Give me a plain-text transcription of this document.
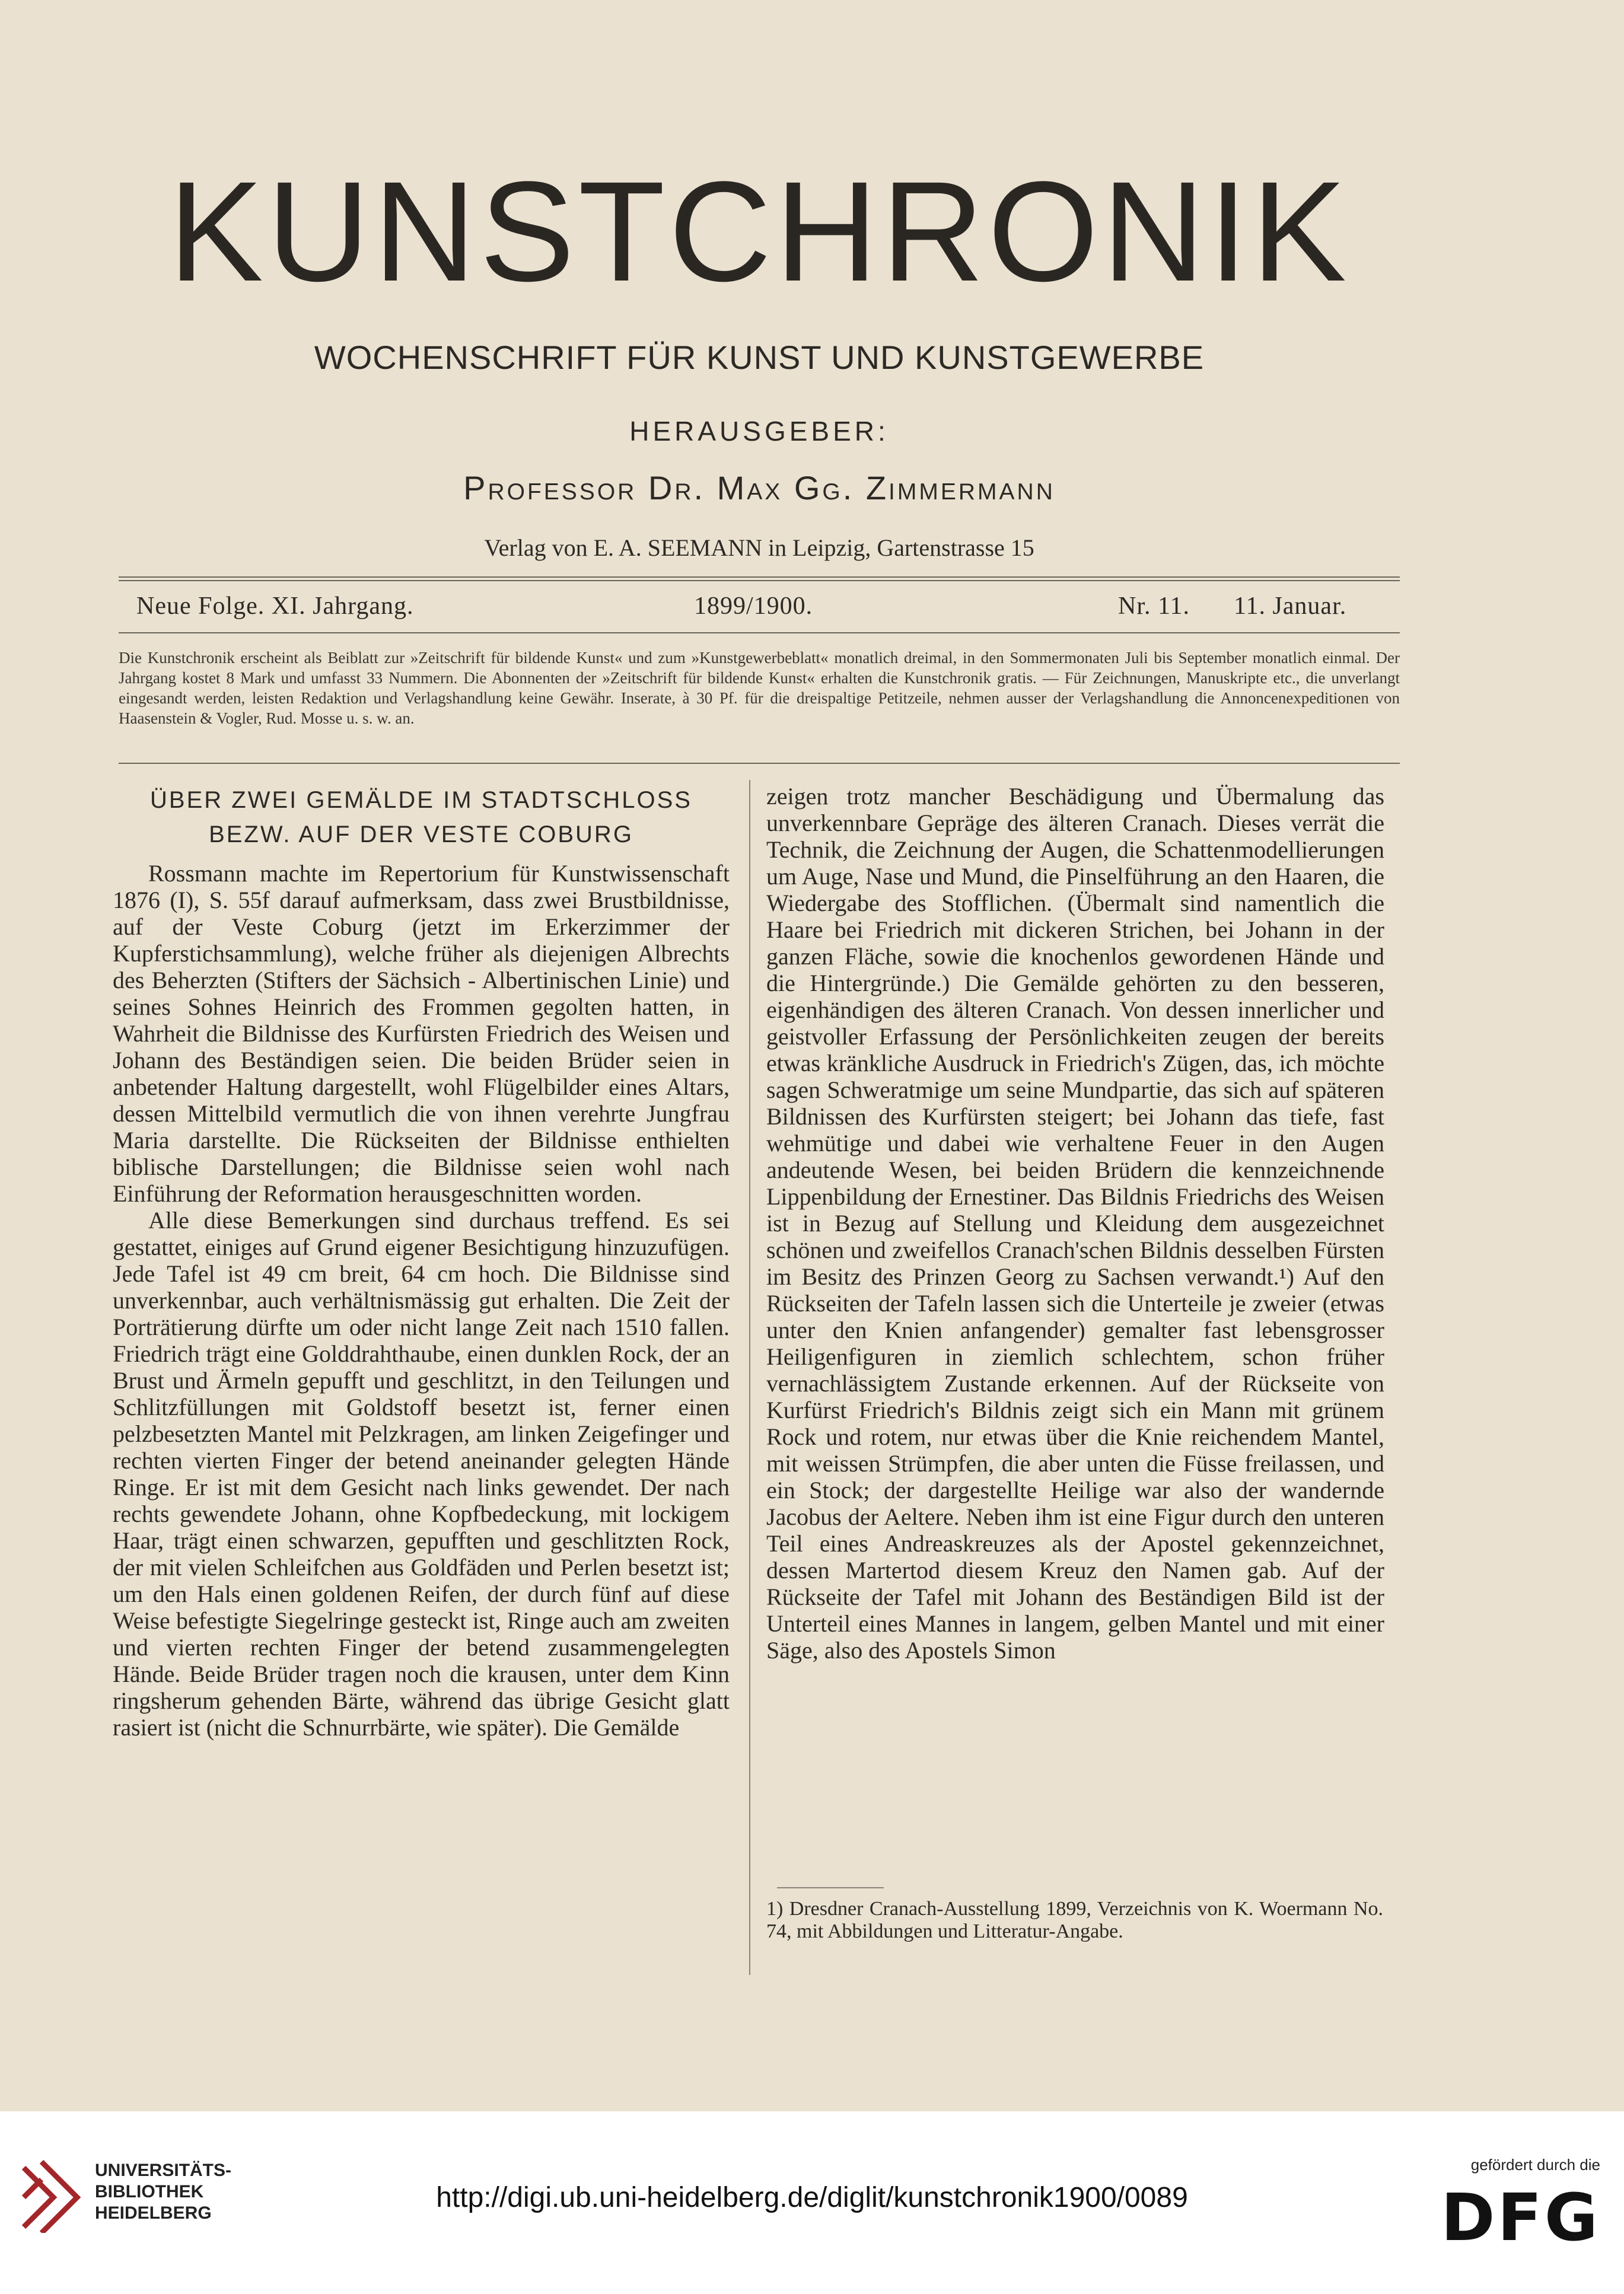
KUNSTCHRONIK
WOCHENSCHRIFT FÜR KUNST UND KUNSTGEWERBE
HERAUSGEBER:
Professor Dr. Max Gg. Zimmermann
Verlag von E. A. SEEMANN in Leipzig, Gartenstrasse 15
Neue Folge. XI. Jahrgang.	1899/1900.	Nr. 11. 11. Januar.
Die Kunstchronik erscheint als Beiblatt zur »Zeitschrift für bildende Kunst« und zum »Kunstgewerbeblatt« monatlich dreimal, in den Sommermonaten Juli bis September monatlich einmal. Der Jahrgang kostet 8 Mark und umfasst 33 Nummern. Die Abonnenten der »Zeitschrift für bildende Kunst« erhalten die Kunstchronik gratis. — Für Zeichnungen, Manuskripte etc., die unverlangt eingesandt werden, leisten Redaktion und Verlagshandlung keine Gewähr. Inserate, à 30 Pf. für die dreispaltige Petitzeile, nehmen ausser der Verlagshandlung die Annoncenexpeditionen von Haasenstein & Vogler, Rud. Mosse u. s. w. an.
ÜBER ZWEI GEMÄLDE IM STADTSCHLOSS
BEZW. AUF DER VESTE COBURG

Rossmann machte im Repertorium für Kunstwissenschaft 1876 (I), S. 55f darauf aufmerksam, dass zwei Brustbildnisse, auf der Veste Coburg (jetzt im Erkerzimmer der Kupferstichsammlung), welche früher als diejenigen Albrechts des Beherzten (Stifters der Sächsich - Albertinischen Linie) und seines Sohnes Heinrich des Frommen gegolten hatten, in Wahrheit die Bildnisse des Kurfürsten Friedrich des Weisen und Johann des Beständigen seien. Die beiden Brüder seien in anbetender Haltung dargestellt, wohl Flügelbilder eines Altars, dessen Mittelbild vermutlich die von ihnen verehrte Jungfrau Maria darstellte. Die Rückseiten der Bildnisse enthielten biblische Darstellungen; die Bildnisse seien wohl nach Einführung der Reformation herausgeschnitten worden.

Alle diese Bemerkungen sind durchaus treffend. Es sei gestattet, einiges auf Grund eigener Besichtigung hinzuzufügen. Jede Tafel ist 49 cm breit, 64 cm hoch. Die Bildnisse sind unverkennbar, auch verhältnismässig gut erhalten. Die Zeit der Porträtierung dürfte um oder nicht lange Zeit nach 1510 fallen. Friedrich trägt eine Golddrahthaube, einen dunklen Rock, der an Brust und Ärmeln gepufft und geschlitzt, in den Teilungen und Schlitzfüllungen mit Goldstoff besetzt ist, ferner einen pelzbesetzten Mantel mit Pelzkragen, am linken Zeigefinger und rechten vierten Finger der betend aneinander gelegten Hände Ringe. Er ist mit dem Gesicht nach links gewendet. Der nach rechts gewendete Johann, ohne Kopfbedeckung, mit lockigem Haar, trägt einen schwarzen, gepufften und geschlitzten Rock, der mit vielen Schleifchen aus Goldfäden und Perlen besetzt ist; um den Hals einen goldenen Reifen, der durch fünf auf diese Weise befestigte Siegelringe gesteckt ist, Ringe auch am zweiten und vierten rechten Finger der betend zusammengelegten Hände. Beide Brüder tragen noch die krausen, unter dem Kinn ringsherum gehenden Bärte, während das übrige Gesicht glatt rasiert ist (nicht die Schnurrbärte, wie später). Die Gemälde

zeigen trotz mancher Beschädigung und Übermalung das unverkennbare Gepräge des älteren Cranach. Dieses verrät die Technik, die Zeichnung der Augen, die Schattenmodellierungen um Auge, Nase und Mund, die Pinselführung an den Haaren, die Wiedergabe des Stofflichen. (Übermalt sind namentlich die Haare bei Friedrich mit dickeren Strichen, bei Johann in der ganzen Fläche, sowie die knochenlos gewordenen Hände und die Hintergründe.) Die Gemälde gehörten zu den besseren, eigenhändigen des älteren Cranach. Von dessen innerlicher und geistvoller Erfassung der Persönlichkeiten zeugen der bereits etwas kränkliche Ausdruck in Friedrich's Zügen, das, ich möchte sagen Schweratmige um seine Mundpartie, das sich auf späteren Bildnissen des Kurfürsten steigert; bei Johann das tiefe, fast wehmütige und dabei wie verhaltene Feuer in den Augen andeutende Wesen, bei beiden Brüdern die kennzeichnende Lippenbildung der Ernestiner. Das Bildnis Friedrichs des Weisen ist in Bezug auf Stellung und Kleidung dem ausgezeichnet schönen und zweifellos Cranach'schen Bildnis desselben Fürsten im Besitz des Prinzen Georg zu Sachsen verwandt.¹) Auf den Rückseiten der Tafeln lassen sich die Unterteile je zweier (etwas unter den Knien anfangender) gemalter fast lebensgrosser Heiligenfiguren in ziemlich schlechtem, schon früher vernachlässigtem Zustande erkennen. Auf der Rückseite von Kurfürst Friedrich's Bildnis zeigt sich ein Mann mit grünem Rock und rotem, nur etwas über die Knie reichendem Mantel, mit weissen Strümpfen, die aber unten die Füsse freilassen, und ein Stock; der dargestellte Heilige war also der wandernde Jacobus der Aeltere. Neben ihm ist eine Figur durch den unteren Teil eines Andreaskreuzes als der Apostel gekennzeichnet, dessen Martertod diesem Kreuz den Namen gab. Auf der Rückseite der Tafel mit Johann des Beständigen Bild ist der Unterteil eines Mannes in langem, gelben Mantel und mit einer Säge, also des Apostels Simon

1) Dresdner Cranach-Ausstellung 1899, Verzeichnis von K. Woermann No. 74, mit Abbildungen und Litteratur-Angabe.
UNIVERSITÄTS-
BIBLIOTHEK
HEIDELBERG	http://digi.ub.uni-heidelberg.de/diglit/kunstchronik1900/0089
gefördert durch die
DFG
